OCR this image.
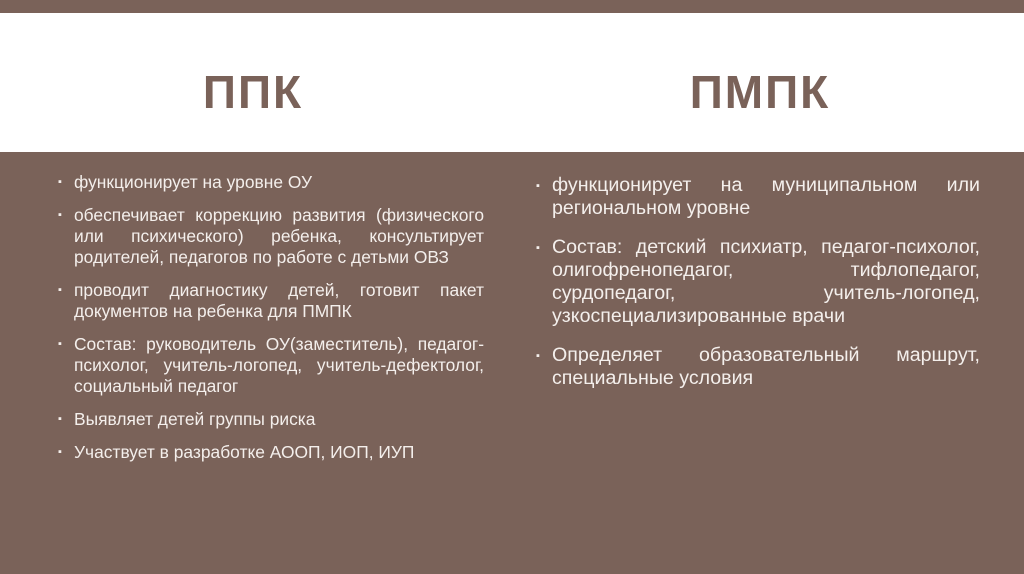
ППК	ПМПК
▪ функционирует на уровне ОУ
▪ обеспечивает коррекцию развития (физического или психического) ребенка, консультирует родителей, педагогов по работе с детьми ОВЗ
▪ проводит диагностику детей, готовит пакет документов на ребенка для ПМПК
▪ Состав: руководитель ОУ(заместитель), педагог-психолог, учитель-логопед, учитель-дефектолог, социальный педагог
▪ Выявляет детей группы риска
▪ Участвует в разработке АООП, ИОП, ИУП
▪ функционирует на муниципальном или региональном уровне
▪ Состав: детский психиатр, педагог-психолог, олигофренопедагог, тифлопедагог, сурдопедагог, учитель-логопед, узкоспециализированные врачи
▪ Определяет образовательный маршрут, специальные условия
